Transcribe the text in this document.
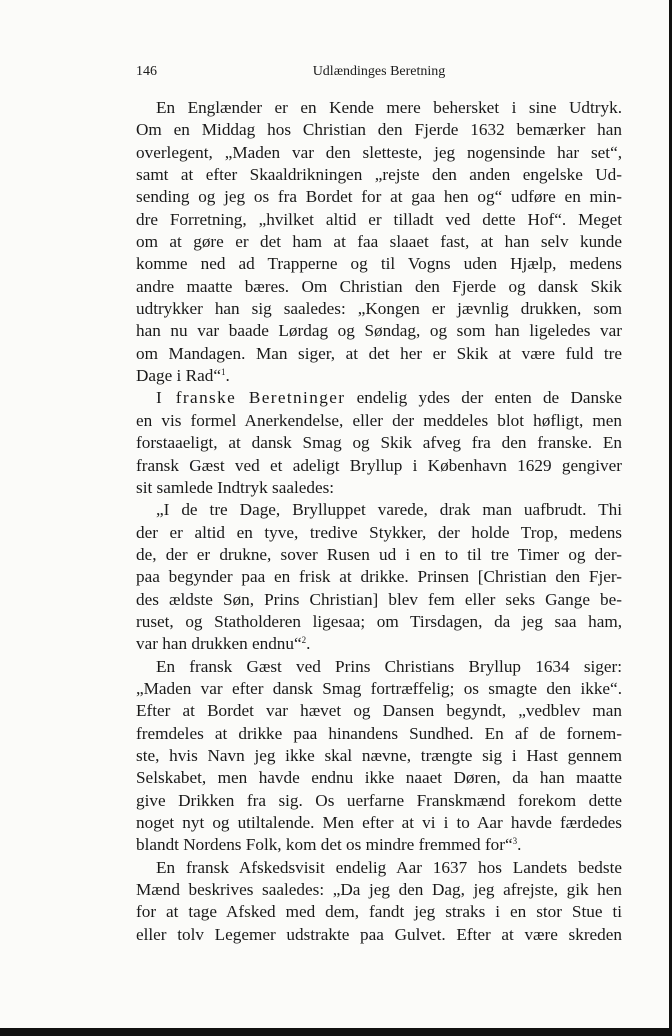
146	Udlændinges Beretning
En Englænder er en Kende mere behersket i sine Udtryk.
Om en Middag hos Christian den Fjerde 1632 bemærker han
overlegent, „Maden var den sletteste, jeg nogensinde har set“,
samt at efter Skaaldrikningen „rejste den anden engelske Ud-
sending og jeg os fra Bordet for at gaa hen og“ udføre en min-
dre Forretning, „hvilket altid er tilladt ved dette Hof“. Meget
om at gøre er det ham at faa slaaet fast, at han selv kunde
komme ned ad Trapperne og til Vogns uden Hjælp, medens
andre maatte bæres. Om Christian den Fjerde og dansk Skik
udtrykker han sig saaledes: „Kongen er jævnlig drukken, som
han nu var baade Lørdag og Søndag, og som han ligeledes var
om Mandagen. Man siger, at det her er Skik at være fuld tre
Dage i Rad“$^1$.
I franske Beretninger endelig ydes der enten de Danske
en vis formel Anerkendelse, eller der meddeles blot høfligt, men
forstaaeligt, at dansk Smag og Skik afveg fra den franske. En
fransk Gæst ved et adeligt Bryllup i København 1629 gengiver
sit samlede Indtryk saaledes:
„I de tre Dage, Brylluppet varede, drak man uafbrudt. Thi
der er altid en tyve, tredive Stykker, der holde Trop, medens
de, der er drukne, sover Rusen ud i en to til tre Timer og der-
paa begynder paa en frisk at drikke. Prinsen [Christian den Fjer-
des ældste Søn, Prins Christian] blev fem eller seks Gange be-
ruset, og Statholderen ligesaa; om Tirsdagen, da jeg saa ham,
var han drukken endnu“$^2$.
En fransk Gæst ved Prins Christians Bryllup 1634 siger:
„Maden var efter dansk Smag fortræffelig; os smagte den ikke“.
Efter at Bordet var hævet og Dansen begyndt, „vedblev man
fremdeles at drikke paa hinandens Sundhed. En af de fornem-
ste, hvis Navn jeg ikke skal nævne, trængte sig i Hast gennem
Selskabet, men havde endnu ikke naaet Døren, da han maatte
give Drikken fra sig. Os uerfarne Franskmænd forekom dette
noget nyt og utiltalende. Men efter at vi i to Aar havde færdedes
blandt Nordens Folk, kom det os mindre fremmed for“$^3$.
En fransk Afskedsvisit endelig Aar 1637 hos Landets bedste
Mænd beskrives saaledes: „Da jeg den Dag, jeg afrejste, gik hen
for at tage Afsked med dem, fandt jeg straks i en stor Stue ti
eller tolv Legemer udstrakte paa Gulvet. Efter at være skreden
